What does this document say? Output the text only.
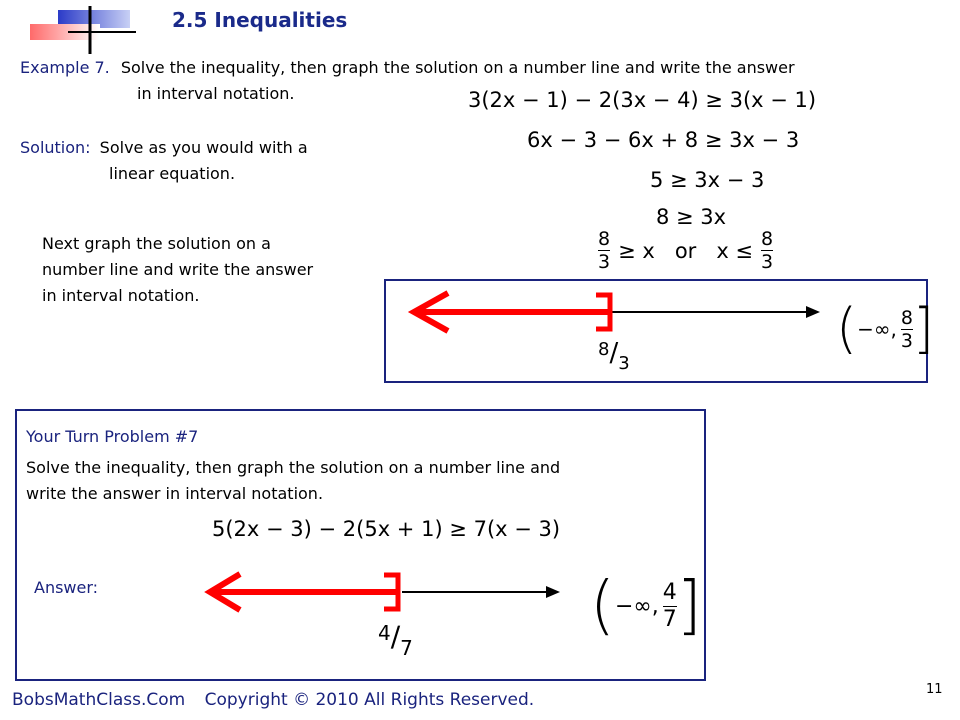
2.5 Inequalities
Example 7. Solve the inequality, then graph the solution on a number line and write the answer
in interval notation.	3(2x − 1) − 2(3x − 4) ≥ 3(x − 1)
6x − 3 − 6x + 8 ≥ 3x − 3
5 ≥ 3x − 3
8 ≥ 3x
$\frac{8}{3} \ge x$   or   $x \le \frac{8}{3}$
Solution: Solve as you would with a
linear equation.
Next graph the solution on a
number line and write the answer
in interval notation.
8∕3
( −∞, $\frac{8}{3}$ ]
Your Turn Problem #7
Solve the inequality, then graph the solution on a number line and
write the answer in interval notation.
5(2x − 3) − 2(5x + 1) ≥ 7(x − 3)
Answer:
4∕7
( −∞, $\frac{4}{7}$ ]
BobsMathClass.Com Copyright © 2010 All Rights Reserved.
11
